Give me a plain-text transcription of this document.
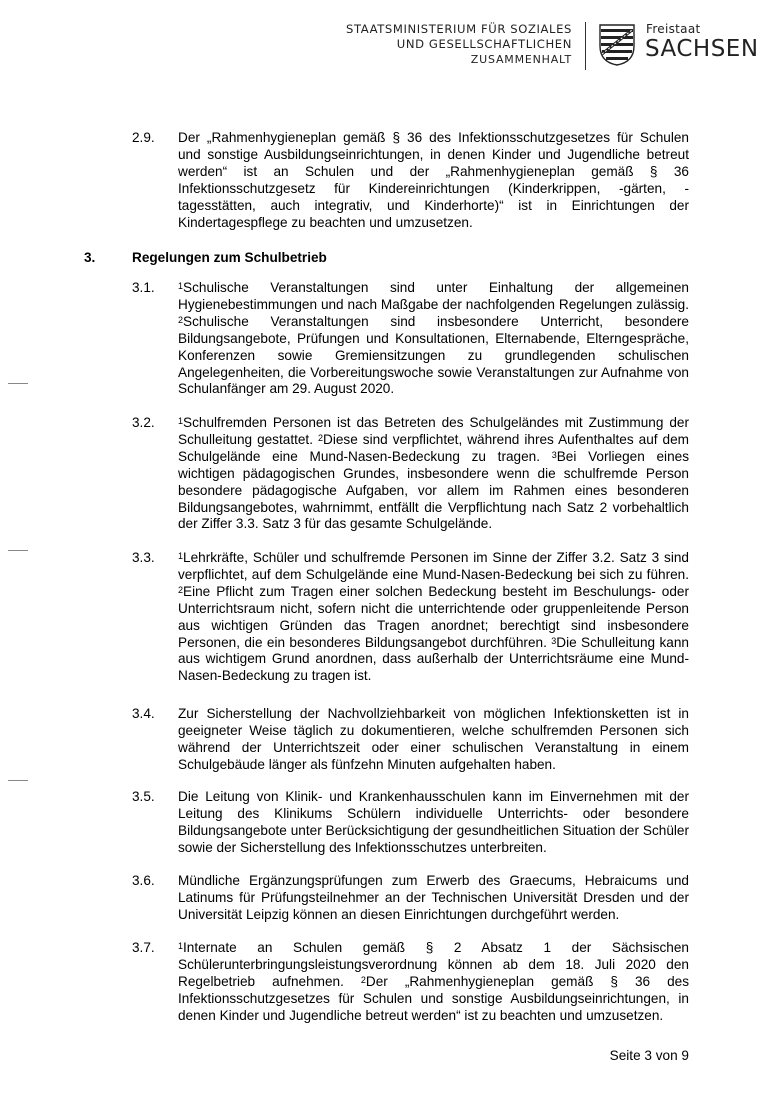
STAATSMINISTERIUM FÜR SOZIALES
UND GESELLSCHAFTLICHEN
ZUSAMMENHALT
Freistaat
SACHSEN
2.9. Der „Rahmenhygieneplan gemäß § 36 des Infektionsschutzgesetzes für Schulen und sonstige Ausbildungseinrichtungen, in denen Kinder und Jugendliche betreut werden“ ist an Schulen und der „Rahmenhygieneplan gemäß § 36 Infektionsschutzgesetz für Kindereinrichtungen (Kinderkrippen, -gärten, -tagesstätten, auch integrativ, und Kinderhorte)“ ist in Einrichtungen der Kindertagespflege zu beachten und umzusetzen.
3.	Regelungen zum Schulbetrieb
3.1.	$^1$Schulische Veranstaltungen sind unter Einhaltung der allgemeinen Hygienebestimmungen und nach Maßgabe der nachfolgenden Regelungen zulässig. $^2$Schulische Veranstaltungen sind insbesondere Unterricht, besondere Bildungsangebote, Prüfungen und Konsultationen, Elternabende, Elterngespräche, Konferenzen sowie Gremiensitzungen zu grundlegenden schulischen Angelegenheiten, die Vorbereitungswoche sowie Veranstaltungen zur Aufnahme von Schulanfänger am 29. August 2020.
3.2.	$^1$Schulfremden Personen ist das Betreten des Schulgeländes mit Zustimmung der Schulleitung gestattet. $^2$Diese sind verpflichtet, während ihres Aufenthaltes auf dem Schulgelände eine Mund-Nasen-Bedeckung zu tragen. $^3$Bei Vorliegen eines wichtigen pädagogischen Grundes, insbesondere wenn die schulfremde Person besondere pädagogische Aufgaben, vor allem im Rahmen eines besonderen Bildungsangebotes, wahrnimmt, entfällt die Verpflichtung nach Satz 2 vorbehaltlich der Ziffer 3.3. Satz 3 für das gesamte Schulgelände.
3.3.	$^1$Lehrkräfte, Schüler und schulfremde Personen im Sinne der Ziffer 3.2. Satz 3 sind verpflichtet, auf dem Schulgelände eine Mund-Nasen-Bedeckung bei sich zu führen. $^2$Eine Pflicht zum Tragen einer solchen Bedeckung besteht im Beschulungs- oder Unterrichtsraum nicht, sofern nicht die unterrichtende oder gruppenleitende Person aus wichtigen Gründen das Tragen anordnet; berechtigt sind insbesondere Personen, die ein besonderes Bildungsangebot durchführen. $^3$Die Schulleitung kann aus wichtigem Grund anordnen, dass außerhalb der Unterrichtsräume eine Mund-Nasen-Bedeckung zu tragen ist.
3.4. Zur Sicherstellung der Nachvollziehbarkeit von möglichen Infektionsketten ist in geeigneter Weise täglich zu dokumentieren, welche schulfremden Personen sich während der Unterrichtszeit oder einer schulischen Veranstaltung in einem Schulgebäude länger als fünfzehn Minuten aufgehalten haben.
3.5. Die Leitung von Klinik- und Krankenhausschulen kann im Einvernehmen mit der Leitung des Klinikums Schülern individuelle Unterrichts- oder besondere Bildungsangebote unter Berücksichtigung der gesundheitlichen Situation der Schüler sowie der Sicherstellung des Infektionsschutzes unterbreiten.
3.6. Mündliche Ergänzungsprüfungen zum Erwerb des Graecums, Hebraicums und Latinums für Prüfungsteilnehmer an der Technischen Universität Dresden und der Universität Leipzig können an diesen Einrichtungen durchgeführt werden.
3.7.	$^1$Internate an Schulen gemäß § 2 Absatz 1 der Sächsischen Schülerunterbringungsleistungsverordnung können ab dem 18. Juli 2020 den Regelbetrieb aufnehmen. $^2$Der „Rahmenhygieneplan gemäß § 36 des Infektionsschutzgesetzes für Schulen und sonstige Ausbildungseinrichtungen, in denen Kinder und Jugendliche betreut werden“ ist zu beachten und umzusetzen.
Seite 3 von 9
